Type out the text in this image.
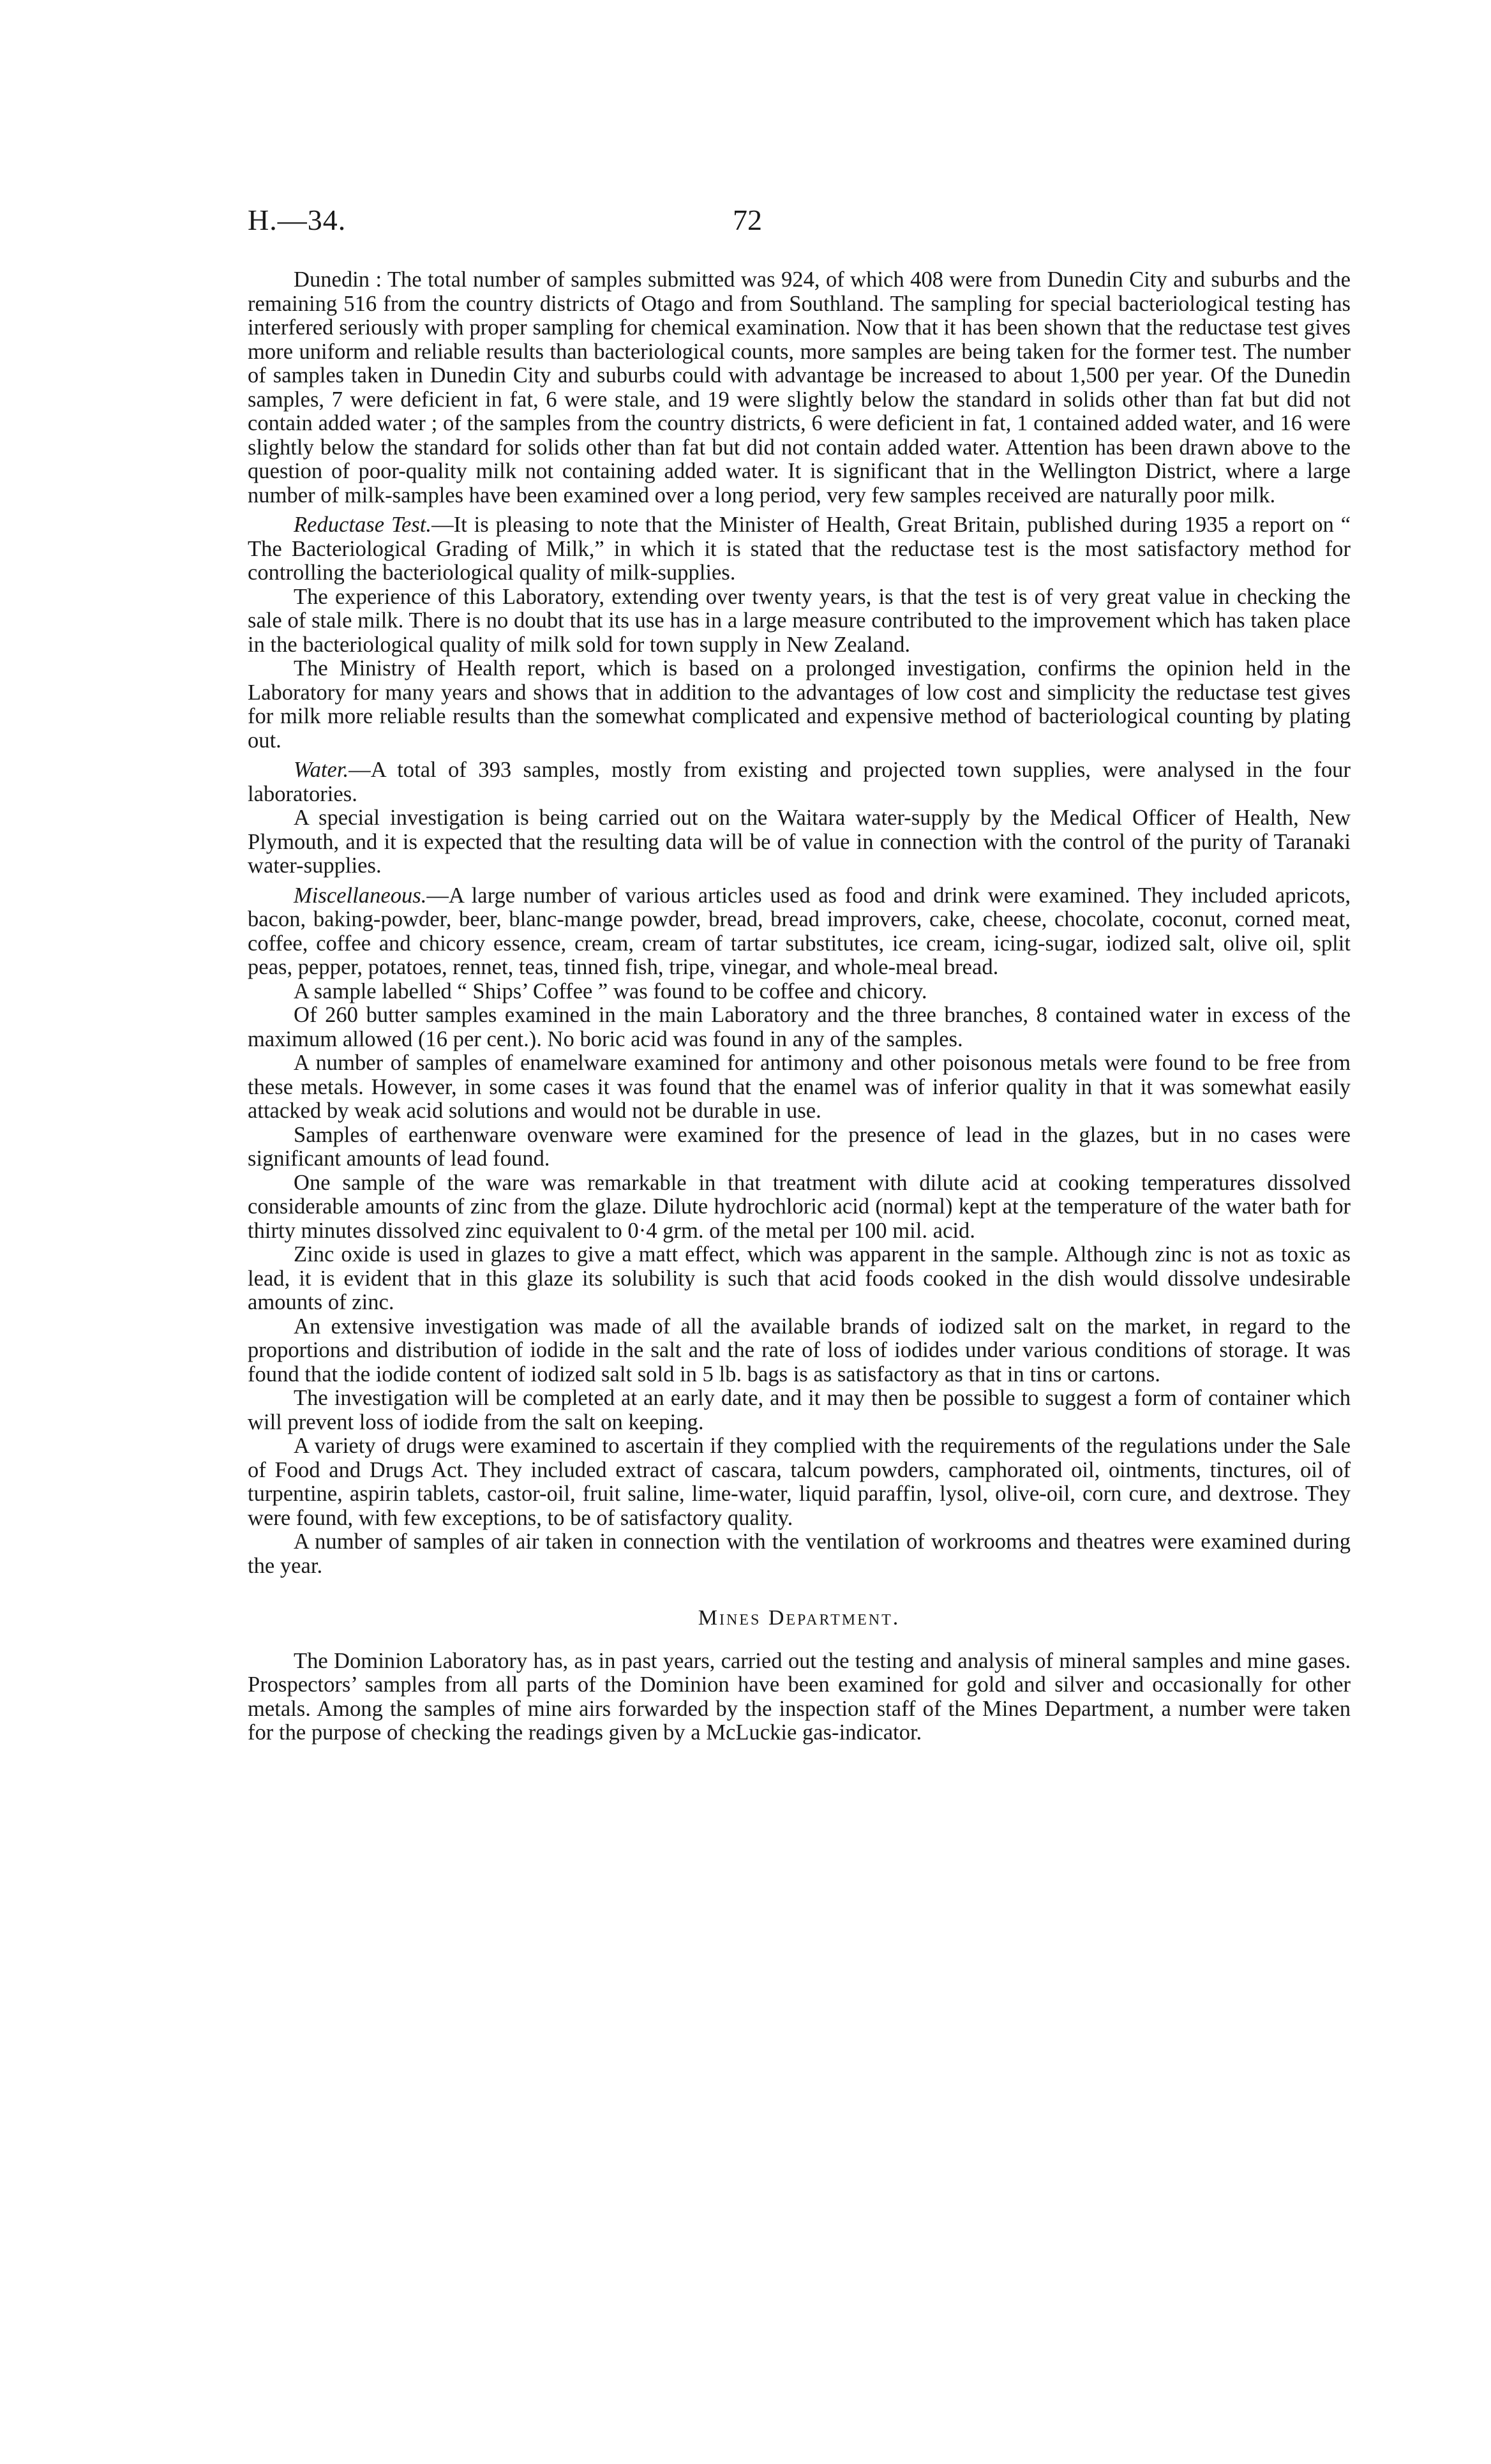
H.—34.	72

Dunedin : The total number of samples submitted was 924, of which 408 were from Dunedin City and suburbs and the remaining 516 from the country districts of Otago and from Southland. The sampling for special bacteriological testing has interfered seriously with proper sampling for chemical examination. Now that it has been shown that the reductase test gives more uniform and reliable results than bacteriological counts, more samples are being taken for the former test. The number of samples taken in Dunedin City and suburbs could with advantage be increased to about 1,500 per year. Of the Dunedin samples, 7 were deficient in fat, 6 were stale, and 19 were slightly below the standard in solids other than fat but did not contain added water ; of the samples from the country districts, 6 were deficient in fat, 1 contained added water, and 16 were slightly below the standard for solids other than fat but did not contain added water. Attention has been drawn above to the question of poor-quality milk not containing added water. It is significant that in the Wellington District, where a large number of milk-samples have been examined over a long period, very few samples received are naturally poor milk.

Reductase Test.—It is pleasing to note that the Minister of Health, Great Britain, published during 1935 a report on “ The Bacteriological Grading of Milk,” in which it is stated that the reductase test is the most satisfactory method for controlling the bacteriological quality of milk-supplies.

The experience of this Laboratory, extending over twenty years, is that the test is of very great value in checking the sale of stale milk. There is no doubt that its use has in a large measure contributed to the improvement which has taken place in the bacteriological quality of milk sold for town supply in New Zealand.

The Ministry of Health report, which is based on a prolonged investigation, confirms the opinion held in the Laboratory for many years and shows that in addition to the advantages of low cost and simplicity the reductase test gives for milk more reliable results than the somewhat complicated and expensive method of bacteriological counting by plating out.

Water.—A total of 393 samples, mostly from existing and projected town supplies, were analysed in the four laboratories.

A special investigation is being carried out on the Waitara water-supply by the Medical Officer of Health, New Plymouth, and it is expected that the resulting data will be of value in connection with the control of the purity of Taranaki water-supplies.

Miscellaneous.—A large number of various articles used as food and drink were examined. They included apricots, bacon, baking-powder, beer, blanc-mange powder, bread, bread improvers, cake, cheese, chocolate, coconut, corned meat, coffee, coffee and chicory essence, cream, cream of tartar substitutes, ice cream, icing-sugar, iodized salt, olive oil, split peas, pepper, potatoes, rennet, teas, tinned fish, tripe, vinegar, and whole-meal bread.

A sample labelled “ Ships’ Coffee ” was found to be coffee and chicory.

Of 260 butter samples examined in the main Laboratory and the three branches, 8 contained water in excess of the maximum allowed (16 per cent.). No boric acid was found in any of the samples.

A number of samples of enamelware examined for antimony and other poisonous metals were found to be free from these metals. However, in some cases it was found that the enamel was of inferior quality in that it was somewhat easily attacked by weak acid solutions and would not be durable in use.

Samples of earthenware ovenware were examined for the presence of lead in the glazes, but in no cases were significant amounts of lead found.

One sample of the ware was remarkable in that treatment with dilute acid at cooking temperatures dissolved considerable amounts of zinc from the glaze. Dilute hydrochloric acid (normal) kept at the temperature of the water bath for thirty minutes dissolved zinc equivalent to 0·4 grm. of the metal per 100 mil. acid.

Zinc oxide is used in glazes to give a matt effect, which was apparent in the sample. Although zinc is not as toxic as lead, it is evident that in this glaze its solubility is such that acid foods cooked in the dish would dissolve undesirable amounts of zinc.

An extensive investigation was made of all the available brands of iodized salt on the market, in regard to the proportions and distribution of iodide in the salt and the rate of loss of iodides under various conditions of storage. It was found that the iodide content of iodized salt sold in 5 lb. bags is as satisfactory as that in tins or cartons.

The investigation will be completed at an early date, and it may then be possible to suggest a form of container which will prevent loss of iodide from the salt on keeping.

A variety of drugs were examined to ascertain if they complied with the requirements of the regulations under the Sale of Food and Drugs Act. They included extract of cascara, talcum powders, camphorated oil, ointments, tinctures, oil of turpentine, aspirin tablets, castor-oil, fruit saline, lime-water, liquid paraffin, lysol, olive-oil, corn cure, and dextrose. They were found, with few exceptions, to be of satisfactory quality.

A number of samples of air taken in connection with the ventilation of workrooms and theatres were examined during the year.

Mines Department.

The Dominion Laboratory has, as in past years, carried out the testing and analysis of mineral samples and mine gases. Prospectors’ samples from all parts of the Dominion have been examined for gold and silver and occasionally for other metals. Among the samples of mine airs forwarded by the inspection staff of the Mines Department, a number were taken for the purpose of checking the readings given by a McLuckie gas-indicator.
